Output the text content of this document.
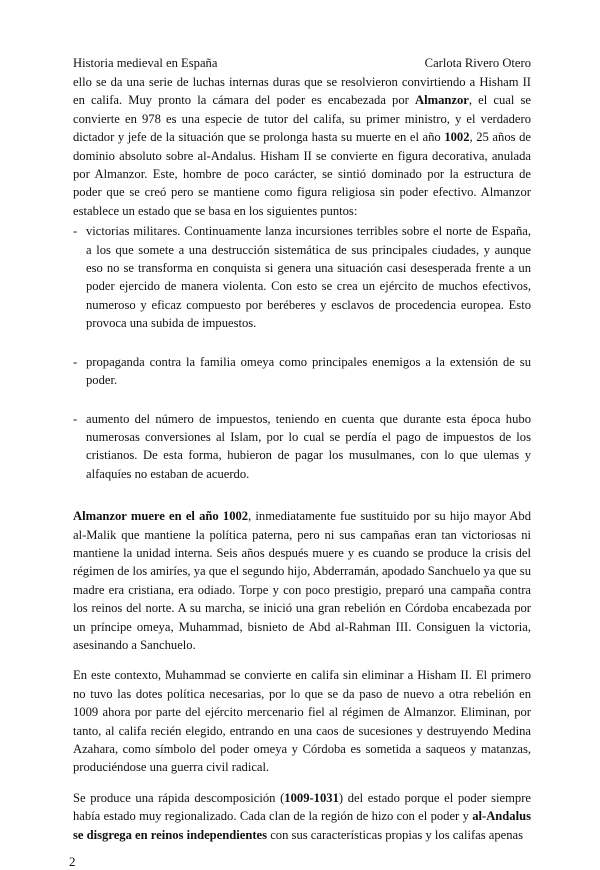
Historia medieval en España	Carlota Rivero Otero

ello se da una serie de luchas internas duras que se resolvieron convirtiendo a Hisham II en califa. Muy pronto la cámara del poder es encabezada por Almanzor, el cual se convierte en 978 es una especie de tutor del califa, su primer ministro, y el verdadero dictador y jefe de la situación que se prolonga hasta su muerte en el año 1002, 25 años de dominio absoluto sobre al-Andalus. Hisham II se convierte en figura decorativa, anulada por Almanzor. Este, hombre de poco carácter, se sintió dominado por la estructura de poder que se creó pero se mantiene como figura religiosa sin poder efectivo. Almanzor establece un estado que se basa en los siguientes puntos:

- victorias militares. Continuamente lanza incursiones terribles sobre el norte de España, a los que somete a una destrucción sistemática de sus principales ciudades, y aunque eso no se transforma en conquista si genera una situación casi desesperada frente a un poder ejercido de manera violenta. Con esto se crea un ejército de muchos efectivos, numeroso y eficaz compuesto por beréberes y esclavos de procedencia europea. Esto provoca una subida de impuestos.
- propaganda contra la familia omeya como principales enemigos a la extensión de su poder.
- aumento del número de impuestos, teniendo en cuenta que durante esta época hubo numerosas conversiones al Islam, por lo cual se perdía el pago de impuestos de los cristianos. De esta forma, hubieron de pagar los musulmanes, con lo que ulemas y alfaquíes no estaban de acuerdo.

Almanzor muere en el año 1002, inmediatamente fue sustituido por su hijo mayor Abd al-Malik que mantiene la política paterna, pero ni sus campañas eran tan victoriosas ni mantiene la unidad interna. Seis años después muere y es cuando se produce la crisis del régimen de los amiríes, ya que el segundo hijo, Abderramán, apodado Sanchuelo ya que su madre era cristiana, era odiado. Torpe y con poco prestigio, preparó una campaña contra los reinos del norte. A su marcha, se inició una gran rebelión en Córdoba encabezada por un príncipe omeya, Muhammad, bisnieto de Abd al-Rahman III. Consiguen la victoria, asesinando a Sanchuelo.

En este contexto, Muhammad se convierte en califa sin eliminar a Hisham II. El primero no tuvo las dotes política necesarias, por lo que se da paso de nuevo a otra rebelión en 1009 ahora por parte del ejército mercenario fiel al régimen de Almanzor. Eliminan, por tanto, al califa recién elegido, entrando en una caos de sucesiones y destruyendo Medina Azahara, como símbolo del poder omeya y Córdoba es sometida a saqueos y matanzas, produciéndose una guerra civil radical.

Se produce una rápida descomposición (1009-1031) del estado porque el poder siempre había estado muy regionalizado. Cada clan de la región de hizo con el poder y al-Andalus se disgrega en reinos independientes con sus características propias y los califas apenas

2
